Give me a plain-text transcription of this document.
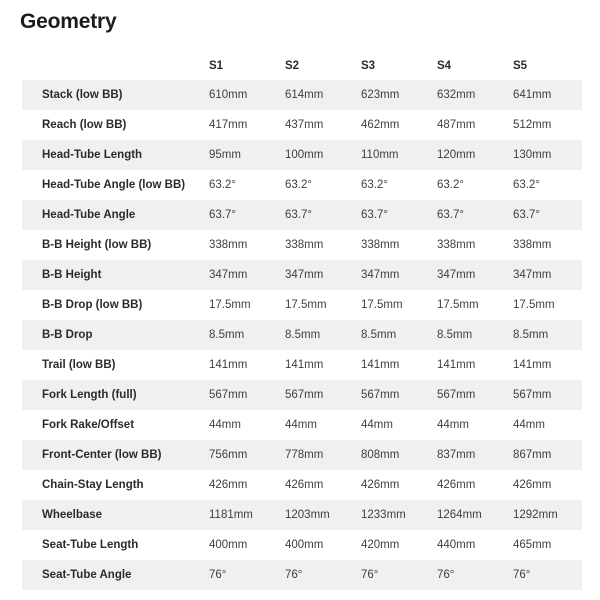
Geometry
	S1	S2	S3	S4	S5
Stack (low BB)	610mm	614mm	623mm	632mm	641mm
Reach (low BB)	417mm	437mm	462mm	487mm	512mm
Head-Tube Length	95mm	100mm	110mm	120mm	130mm
Head-Tube Angle (low BB)	63.2°	63.2°	63.2°	63.2°	63.2°
Head-Tube Angle	63.7°	63.7°	63.7°	63.7°	63.7°
B-B Height (low BB)	338mm	338mm	338mm	338mm	338mm
B-B Height	347mm	347mm	347mm	347mm	347mm
B-B Drop (low BB)	17.5mm	17.5mm	17.5mm	17.5mm	17.5mm
B-B Drop	8.5mm	8.5mm	8.5mm	8.5mm	8.5mm
Trail (low BB)	141mm	141mm	141mm	141mm	141mm
Fork Length (full)	567mm	567mm	567mm	567mm	567mm
Fork Rake/Offset	44mm	44mm	44mm	44mm	44mm
Front-Center (low BB)	756mm	778mm	808mm	837mm	867mm
Chain-Stay Length	426mm	426mm	426mm	426mm	426mm
Wheelbase	1181mm	1203mm	1233mm	1264mm	1292mm
Seat-Tube Length	400mm	400mm	420mm	440mm	465mm
Seat-Tube Angle	76°	76°	76°	76°	76°
